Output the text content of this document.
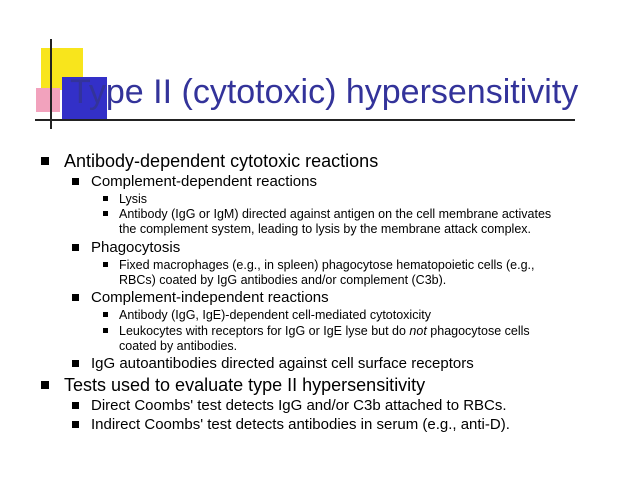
Type II (cytotoxic) hypersensitivity
Antibody-dependent cytotoxic reactions
Complement-dependent reactions
Lysis
Antibody (IgG or IgM) directed against antigen on the cell membrane activates
the complement system, leading to lysis by the membrane attack complex.
Phagocytosis
Fixed macrophages (e.g., in spleen) phagocytose hematopoietic cells (e.g.,
RBCs) coated by IgG antibodies and/or complement (C3b).
Complement-independent reactions
Antibody (IgG, IgE)-dependent cell-mediated cytotoxicity
Leukocytes with receptors for IgG or IgE lyse but do not phagocytose cells
coated by antibodies.
IgG autoantibodies directed against cell surface receptors
Tests used to evaluate type II hypersensitivity
Direct Coombs' test detects IgG and/or C3b attached to RBCs.
Indirect Coombs' test detects antibodies in serum (e.g., anti-D).
